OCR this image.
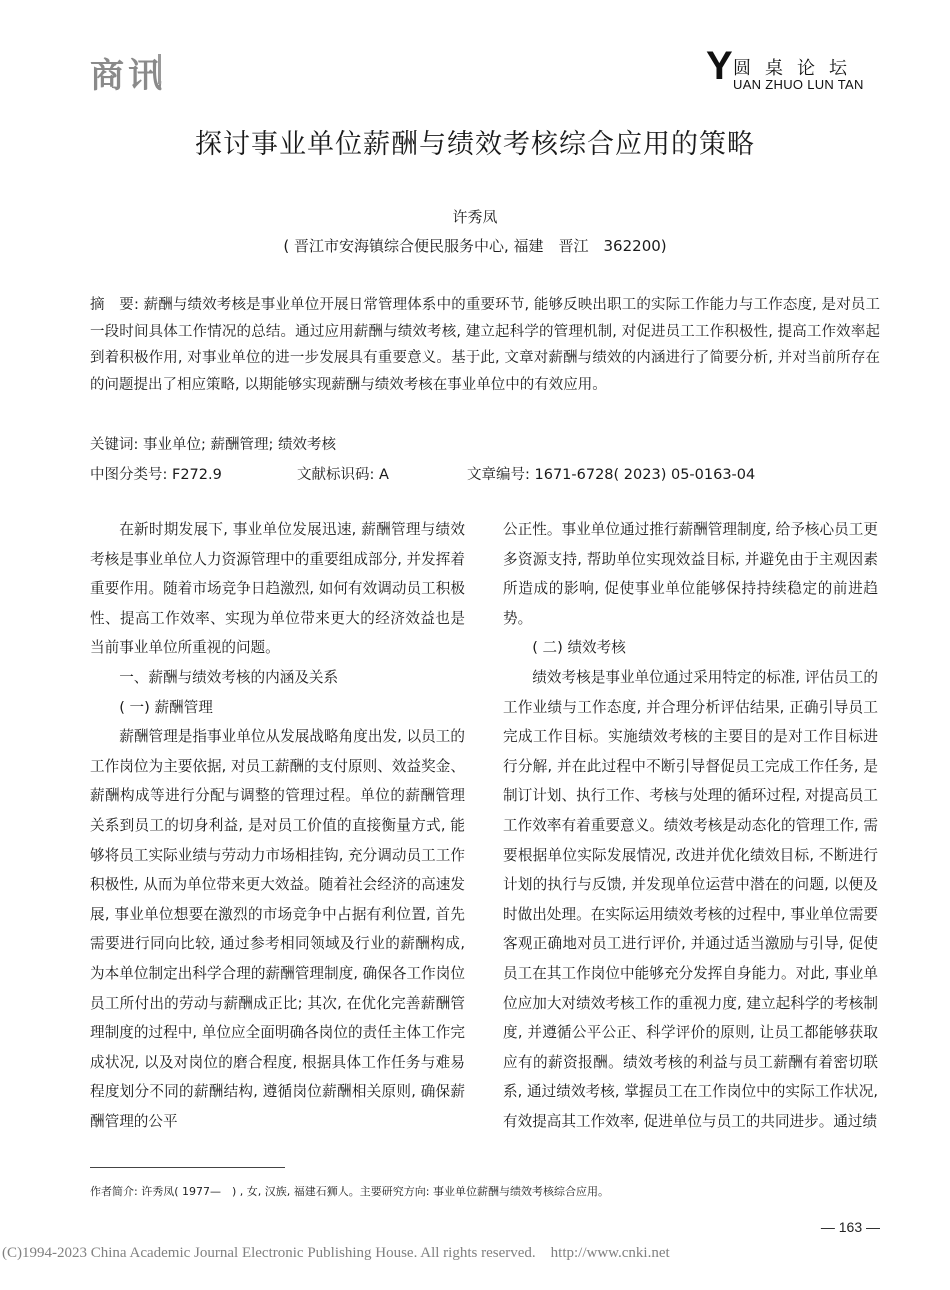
商讯	Y 圆桌论坛
UAN ZHUO LUN TAN
探讨事业单位薪酬与绩效考核综合应用的策略
许秀凤
( 晋江市安海镇综合便民服务中心, 福建　晋江　362200)
摘　要: 薪酬与绩效考核是事业单位开展日常管理体系中的重要环节, 能够反映出职工的实际工作能力与工作态度, 是对员工一段时间具体工作情况的总结。通过应用薪酬与绩效考核, 建立起科学的管理机制, 对促进员工工作积极性, 提高工作效率起到着积极作用, 对事业单位的进一步发展具有重要意义。基于此, 文章对薪酬与绩效的内涵进行了简要分析, 并对当前所存在的问题提出了相应策略, 以期能够实现薪酬与绩效考核在事业单位中的有效应用。
关键词: 事业单位; 薪酬管理; 绩效考核
中图分类号: F272.9	文献标识码: A	文章编号: 1671-6728( 2023) 05-0163-04

在新时期发展下, 事业单位发展迅速, 薪酬管理与绩效考核是事业单位人力资源管理中的重要组成部分, 并发挥着重要作用。随着市场竞争日趋激烈, 如何有效调动员工积极性、提高工作效率、实现为单位带来更大的经济效益也是当前事业单位所重视的问题。

一、薪酬与绩效考核的内涵及关系

( 一) 薪酬管理

薪酬管理是指事业单位从发展战略角度出发, 以员工的工作岗位为主要依据, 对员工薪酬的支付原则、效益奖金、薪酬构成等进行分配与调整的管理过程。单位的薪酬管理关系到员工的切身利益, 是对员工价值的直接衡量方式, 能够将员工实际业绩与劳动力市场相挂钩, 充分调动员工工作积极性, 从而为单位带来更大效益。随着社会经济的高速发展, 事业单位想要在激烈的市场竞争中占据有利位置, 首先需要进行同向比较, 通过参考相同领域及行业的薪酬构成, 为本单位制定出科学合理的薪酬管理制度, 确保各工作岗位员工所付出的劳动与薪酬成正比; 其次, 在优化完善薪酬管理制度的过程中, 单位应全面明确各岗位的责任主体工作完成状况, 以及对岗位的磨合程度, 根据具体工作任务与难易程度划分不同的薪酬结构, 遵循岗位薪酬相关原则, 确保薪酬管理的公平

公正性。事业单位通过推行薪酬管理制度, 给予核心员工更多资源支持, 帮助单位实现效益目标, 并避免由于主观因素所造成的影响, 促使事业单位能够保持持续稳定的前进趋势。

( 二) 绩效考核

绩效考核是事业单位通过采用特定的标准, 评估员工的工作业绩与工作态度, 并合理分析评估结果, 正确引导员工完成工作目标。实施绩效考核的主要目的是对工作目标进行分解, 并在此过程中不断引导督促员工完成工作任务, 是制订计划、执行工作、考核与处理的循环过程, 对提高员工工作效率有着重要意义。绩效考核是动态化的管理工作, 需要根据单位实际发展情况, 改进并优化绩效目标, 不断进行计划的执行与反馈, 并发现单位运营中潜在的问题, 以便及时做出处理。在实际运用绩效考核的过程中, 事业单位需要客观正确地对员工进行评价, 并通过适当激励与引导, 促使员工在其工作岗位中能够充分发挥自身能力。对此, 事业单位应加大对绩效考核工作的重视力度, 建立起科学的考核制度, 并遵循公平公正、科学评价的原则, 让员工都能够获取应有的薪资报酬。绩效考核的利益与员工薪酬有着密切联系, 通过绩效考核, 掌握员工在工作岗位中的实际工作状况, 有效提高其工作效率, 促进单位与员工的共同进步。通过绩

作者简介: 许秀凤( 1977—　) , 女, 汉族, 福建石狮人。主要研究方向: 事业单位薪酬与绩效考核综合应用。
— 163 —
(C)1994-2023 China Academic Journal Electronic Publishing House. All rights reserved.　http://www.cnki.net
